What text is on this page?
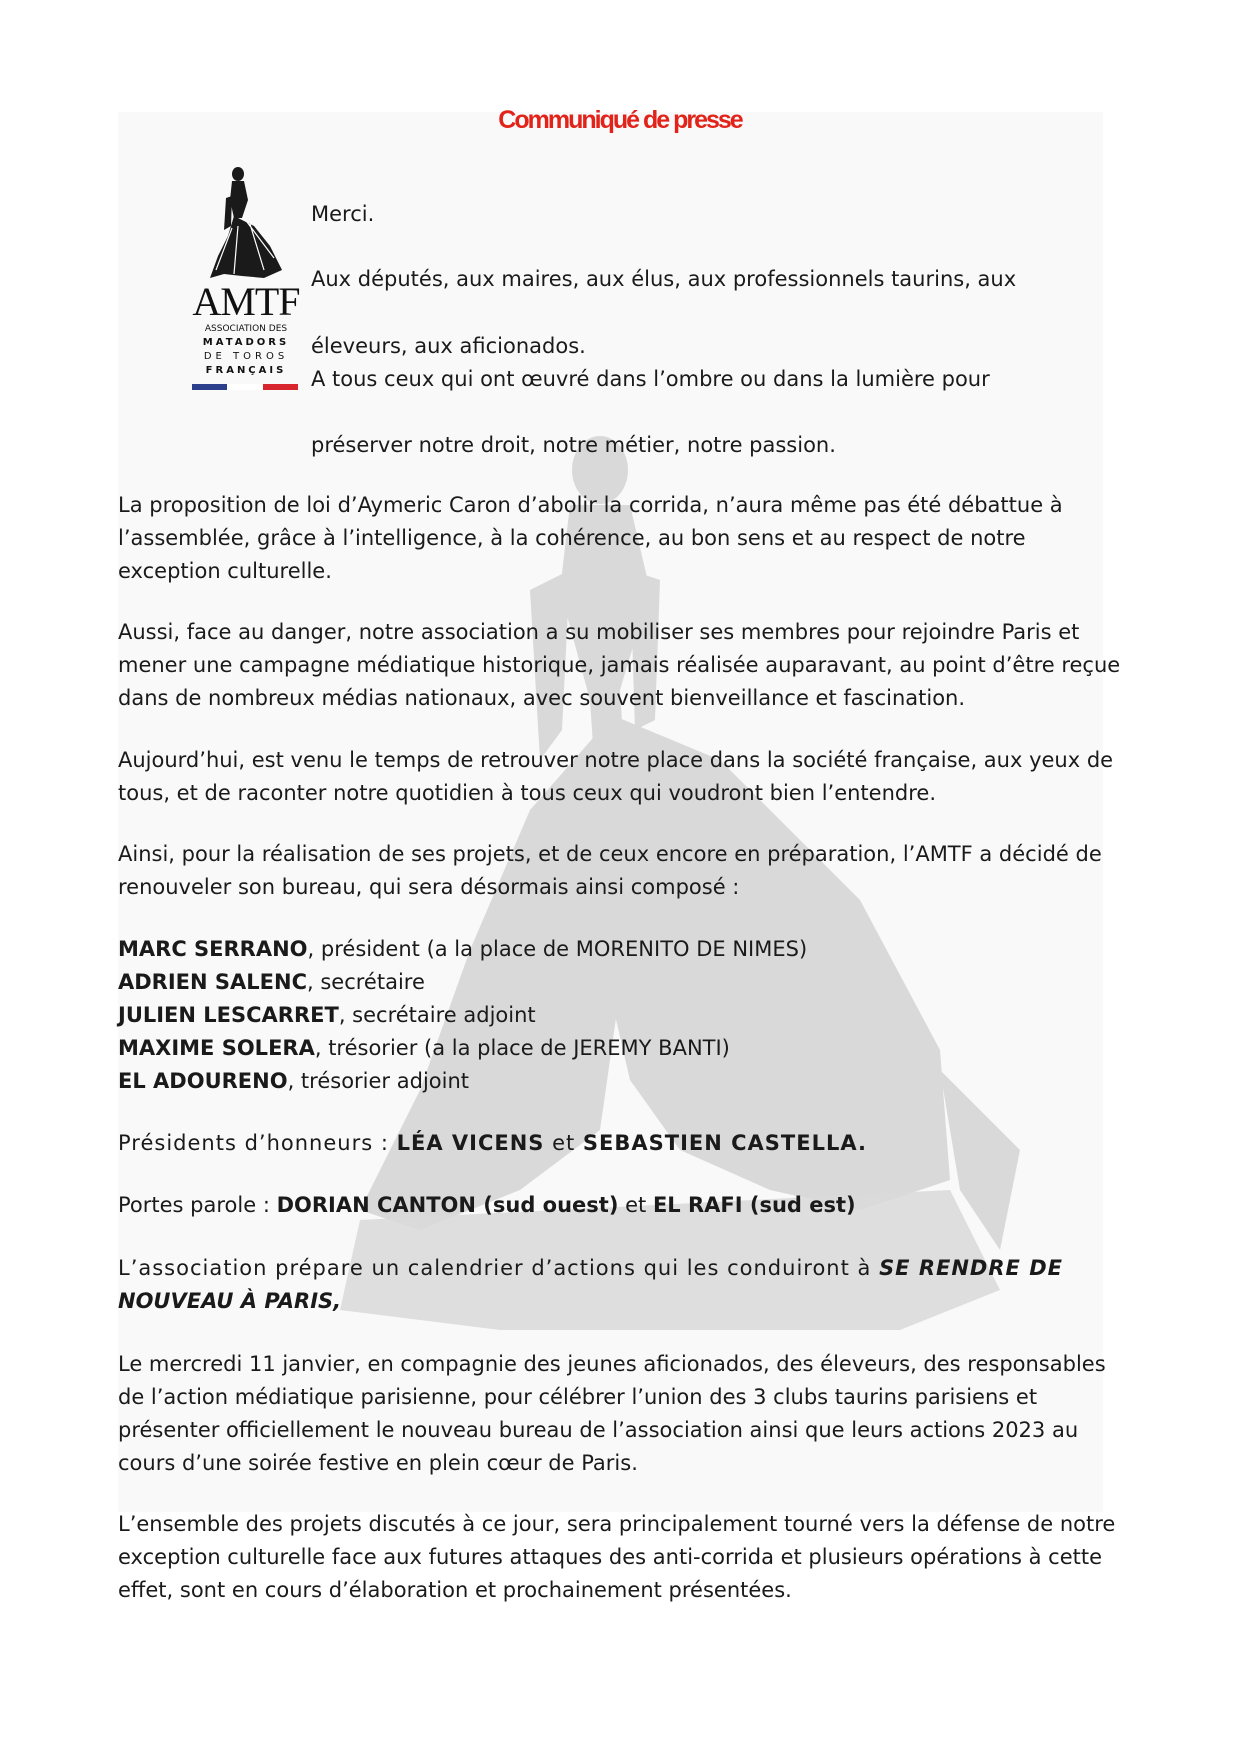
Communiqué de presse
AMTF
ASSOCIATION DES
MATADORS
DE TOROS
FRANÇAIS
Merci.
Aux députés, aux maires, aux élus, aux professionnels taurins, aux
éleveurs, aux aficionados.
A tous ceux qui ont œuvré dans l’ombre ou dans la lumière pour
préserver notre droit, notre métier, notre passion.
La proposition de loi d’Aymeric Caron d’abolir la corrida, n’aura même pas été débattue à l’assemblée, grâce à l’intelligence, à la cohérence, au bon sens et au respect de notre exception culturelle.
Aussi, face au danger, notre association a su mobiliser ses membres pour rejoindre Paris et mener une campagne médiatique historique, jamais réalisée auparavant, au point d’être reçue dans de nombreux médias nationaux, avec souvent bienveillance et fascination.
Aujourd’hui, est venu le temps de retrouver notre place dans la société française, aux yeux de tous, et de raconter notre quotidien à tous ceux qui voudront bien l’entendre.
Ainsi, pour la réalisation de ses projets, et de ceux encore en préparation, l’AMTF a décidé de renouveler son bureau, qui sera désormais ainsi composé :
MARC SERRANO, président (a la place de MORENITO DE NIMES)
ADRIEN SALENC, secrétaire
JULIEN LESCARRET, secrétaire adjoint
MAXIME SOLERA, trésorier (a la place de JEREMY BANTI)
EL ADOURENO, trésorier adjoint
Présidents d’honneurs : LÉA VICENS et SEBASTIEN CASTELLA.
Portes parole : DORIAN CANTON (sud ouest) et EL RAFI (sud est)
L’association prépare un calendrier d’actions qui les conduiront à SE RENDRE DE
NOUVEAU À PARIS,
Le mercredi 11 janvier, en compagnie des jeunes aficionados, des éleveurs, des responsables de l’action médiatique parisienne, pour célébrer l’union des 3 clubs taurins parisiens et présenter officiellement le nouveau bureau de l’association ainsi que leurs actions 2023 au cours d’une soirée festive en plein cœur de Paris.
L’ensemble des projets discutés à ce jour, sera principalement tourné vers la défense de notre exception culturelle face aux futures attaques des anti-corrida et plusieurs opérations à cette effet, sont en cours d’élaboration et prochainement présentées.
